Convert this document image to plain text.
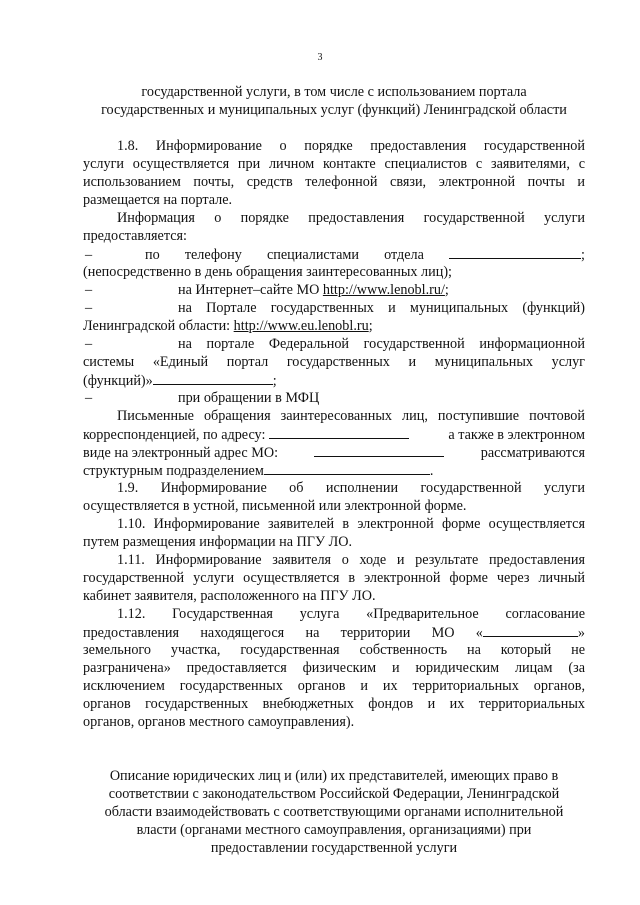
3
государственной услуги, в том числе с использованием портала
государственных и муниципальных услуг (функций) Ленинградской области
1.8. Информирование о порядке предоставления государственной
услуги осуществляется при личном контакте специалистов с заявителями, с
использованием почты, средств телефонной связи, электронной почты и
размещается на портале.
Информация о порядке предоставления государственной услуги
предоставляется:
–	по телефону специалистами отдела	;
(непосредственно в день обращения заинтересованных лиц);
–	на Интернет–сайте МО http://www.lenobl.ru/ ;
–	на Портале государственных и муниципальных (функций)
Ленинградской области: http://www.eu.lenobl.ru;
–	на портале Федеральной государственной информационной
системы «Единый портал государственных и муниципальных услуг
(функций)»	;
–	при обращении в МФЦ
Письменные обращения заинтересованных лиц, поступившие почтовой
корреспонденцией, по адресу:	а также в электронном
виде на электронный адрес МО:	рассматриваются
структурным подразделением	.
1.9. Информирование об исполнении государственной услуги
осуществляется в устной, письменной или электронной форме.
1.10. Информирование заявителей в электронной форме осуществляется
путем размещения информации на ПГУ ЛО.
1.11. Информирование заявителя о ходе и результате предоставления
государственной услуги осуществляется в электронной форме через личный
кабинет заявителя, расположенного на ПГУ ЛО.
1.12. Государственная услуга «Предварительное согласование
предоставления находящегося на территории МО «	»
земельного участка, государственная собственность на который не
разграничена» предоставляется физическим и юридическим лицам (за
исключением государственных органов и их территориальных органов,
органов государственных внебюджетных фондов и их территориальных
органов, органов местного самоуправления).
Описание юридических лиц и (или) их представителей, имеющих право в
соответствии с законодательством Российской Федерации, Ленинградской
области взаимодействовать с соответствующими органами исполнительной
власти (органами местного самоуправления, организациями) при
предоставлении государственной услуги
